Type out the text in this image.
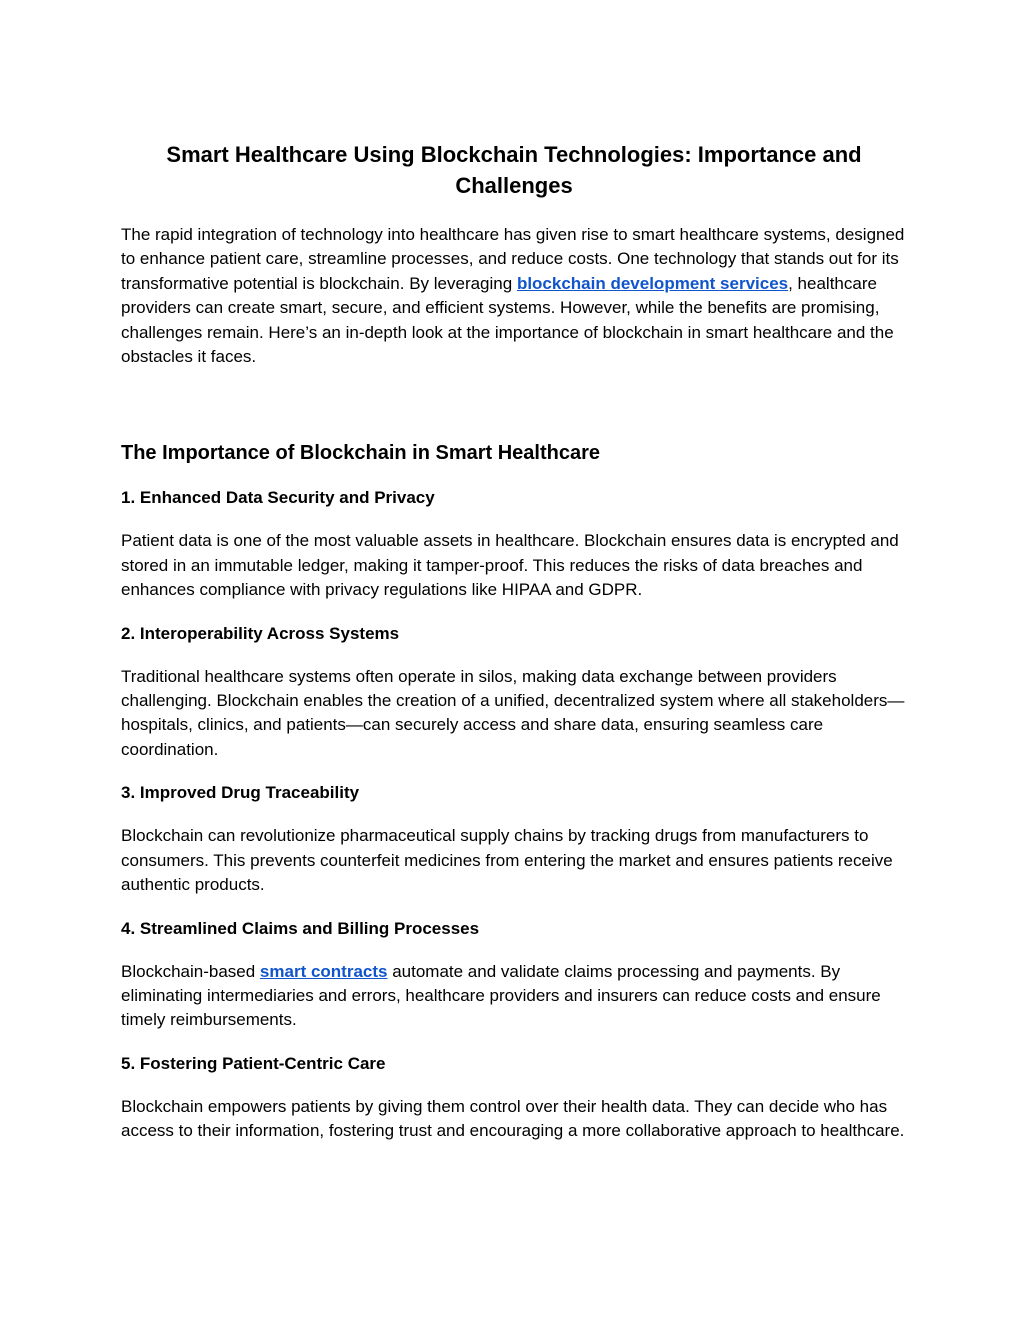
Smart Healthcare Using Blockchain Technologies: Importance and Challenges

The rapid integration of technology into healthcare has given rise to smart healthcare systems, designed to enhance patient care, streamline processes, and reduce costs. One technology that stands out for its transformative potential is blockchain. By leveraging blockchain development services, healthcare providers can create smart, secure, and efficient systems. However, while the benefits are promising, challenges remain. Here’s an in-depth look at the importance of blockchain in smart healthcare and the obstacles it faces.

The Importance of Blockchain in Smart Healthcare
1. Enhanced Data Security and Privacy

Patient data is one of the most valuable assets in healthcare. Blockchain ensures data is encrypted and stored in an immutable ledger, making it tamper-proof. This reduces the risks of data breaches and enhances compliance with privacy regulations like HIPAA and GDPR.

2. Interoperability Across Systems

Traditional healthcare systems often operate in silos, making data exchange between providers challenging. Blockchain enables the creation of a unified, decentralized system where all stakeholders—hospitals, clinics, and patients—can securely access and share data, ensuring seamless care coordination.

3. Improved Drug Traceability

Blockchain can revolutionize pharmaceutical supply chains by tracking drugs from manufacturers to consumers. This prevents counterfeit medicines from entering the market and ensures patients receive authentic products.

4. Streamlined Claims and Billing Processes

Blockchain-based smart contracts automate and validate claims processing and payments. By eliminating intermediaries and errors, healthcare providers and insurers can reduce costs and ensure timely reimbursements.

5. Fostering Patient-Centric Care

Blockchain empowers patients by giving them control over their health data. They can decide who has access to their information, fostering trust and encouraging a more collaborative approach to healthcare.
